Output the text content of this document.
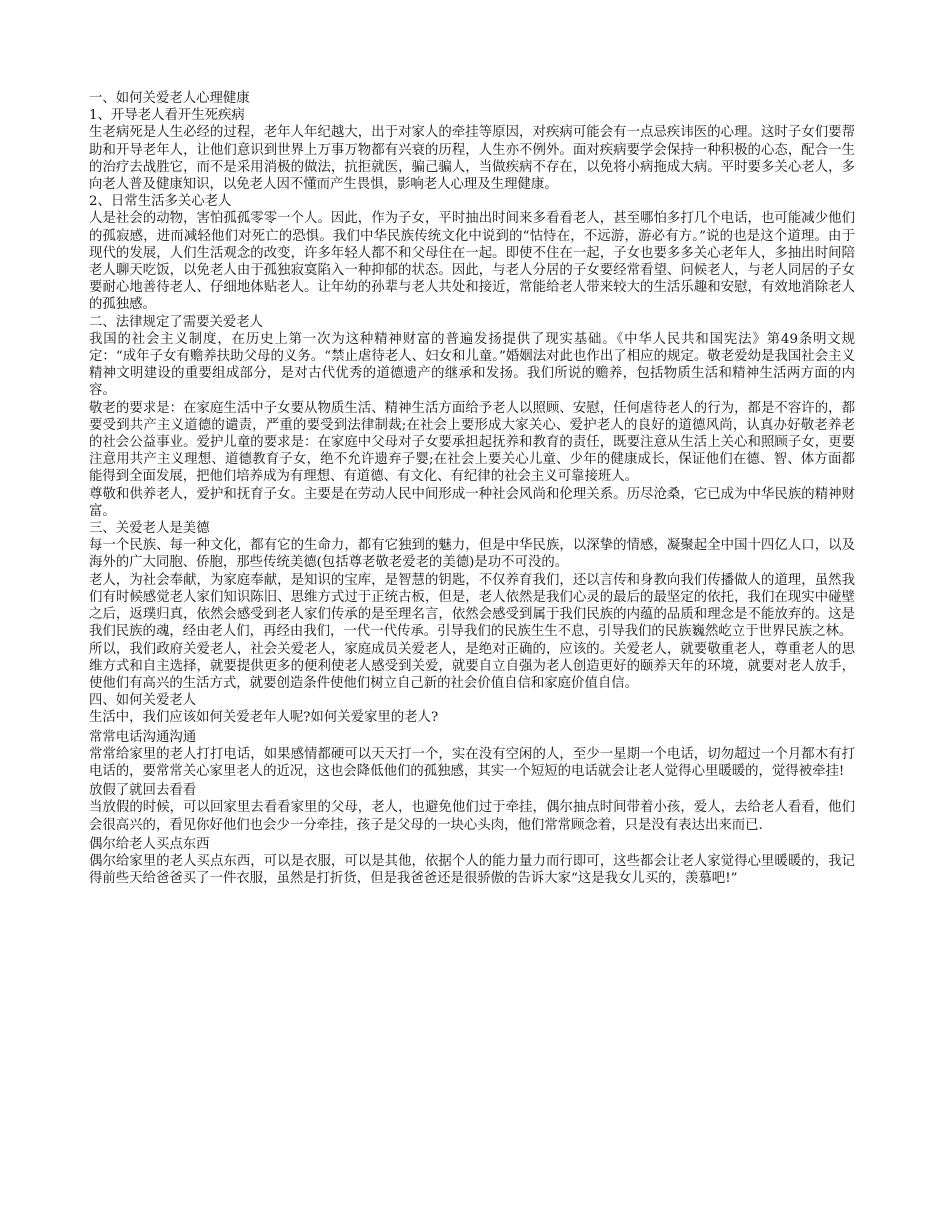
一、如何关爱老人心理健康
1、开导老人看开生死疾病
生老病死是人生必经的过程，老年人年纪越大，出于对家人的牵挂等原因，对疾病可能会有一点忌疾讳医的心理。这时子女们要帮助和开导老年人，让他们意识到世界上万事万物都有兴衰的历程，人生亦不例外。面对疾病要学会保持一种积极的心态，配合一生的治疗去战胜它，而不是采用消极的做法，抗拒就医，骗己骗人，当做疾病不存在，以免将小病拖成大病。平时要多关心老人，多向老人普及健康知识，以免老人因不懂而产生畏惧，影响老人心理及生理健康。
2、日常生活多关心老人
人是社会的动物，害怕孤孤零零一个人。因此，作为子女，平时抽出时间来多看看老人，甚至哪怕多打几个电话，也可能减少他们的孤寂感，进而减轻他们对死亡的恐惧。我们中华民族传统文化中说到的“怙恃在，不远游，游必有方。”说的也是这个道理。由于现代的发展，人们生活观念的改变，许多年轻人都不和父母住在一起。即使不住在一起，子女也要多多关心老年人，多抽出时间陪老人聊天吃饭，以免老人由于孤独寂寞陷入一种抑郁的状态。因此，与老人分居的子女要经常看望、问候老人，与老人同居的子女要耐心地善待老人、仔细地体贴老人。让年幼的孙辈与老人共处和接近，常能给老人带来较大的生活乐趣和安慰，有效地消除老人的孤独感。
二、法律规定了需要关爱老人
我国的社会主义制度，在历史上第一次为这种精神财富的普遍发扬提供了现实基础。《中华人民共和国宪法》第49条明文规定：“成年子女有赡养扶助父母的义务。“禁止虐待老人、妇女和儿童。”婚姻法对此也作出了相应的规定。敬老爱幼是我国社会主义精神文明建设的重要组成部分，是对古代优秀的道德遗产的继承和发扬。我们所说的赡养，包括物质生活和精神生活两方面的内容。
敬老的要求是：在家庭生活中子女要从物质生活、精神生活方面给予老人以照顾、安慰，任何虐待老人的行为，都是不容许的，都要受到共产主义道德的谴责，严重的要受到法律制裁;在社会上要形成大家关心、爱护老人的良好的道德风尚，认真办好敬老养老的社会公益事业。爱护儿童的要求是：在家庭中父母对子女要承担起抚养和教育的责任，既要注意从生活上关心和照顾子女，更要注意用共产主义理想、道德教育子女，绝不允许遗弃子婴;在社会上要关心儿童、少年的健康成长，保证他们在德、智、体方面都能得到全面发展，把他们培养成为有理想、有道德、有文化、有纪律的社会主义可靠接班人。
尊敬和供养老人，爱护和抚育子女。主要是在劳动人民中间形成一种社会风尚和伦理关系。历尽沧桑，它已成为中华民族的精神财富。
三、关爱老人是美德
每一个民族、每一种文化，都有它的生命力，都有它独到的魅力，但是中华民族，以深挚的情感，凝聚起全中国十四亿人口，以及海外的广大同胞、侨胞，那些传统美德(包括尊老敬老爱老的美德)是功不可没的。
老人，为社会奉献，为家庭奉献，是知识的宝库，是智慧的钥匙，不仅养育我们，还以言传和身教向我们传播做人的道理，虽然我们有时候感觉老人家们知识陈旧、思维方式过于正统古板，但是，老人依然是我们心灵的最后的最坚定的依托，我们在现实中碰壁之后，返璞归真，依然会感受到老人家们传承的是至理名言，依然会感受到属于我们民族的内蕴的品质和理念是不能放弃的。这是我们民族的魂，经由老人们，再经由我们，一代一代传承。引导我们的民族生生不息，引导我们的民族巍然屹立于世界民族之林。
所以，我们政府关爱老人，社会关爱老人，家庭成员关爱老人，是绝对正确的，应该的。关爱老人，就要敬重老人，尊重老人的思维方式和自主选择，就要提供更多的便利使老人感受到关爱，就要自立自强为老人创造更好的颐养天年的环境，就要对老人放手，使他们有高兴的生活方式，就要创造条件使他们树立自己新的社会价值自信和家庭价值自信。
四、如何关爱老人
生活中，我们应该如何关爱老年人呢?如何关爱家里的老人?
常常电话沟通沟通
常常给家里的老人打打电话，如果感情都硬可以天天打一个，实在没有空闲的人，至少一星期一个电话，切勿超过一个月都木有打电话的，要常常关心家里老人的近况，这也会降低他们的孤独感，其实一个短短的电话就会让老人觉得心里暖暖的，觉得被牵挂!
放假了就回去看看
当放假的时候，可以回家里去看看家里的父母，老人，也避免他们过于牵挂，偶尔抽点时间带着小孩，爱人，去给老人看看，他们会很高兴的，看见你好他们也会少一分牵挂，孩子是父母的一块心头肉，他们常常顾念着，只是没有表达出来而已.
偶尔给老人买点东西
偶尔给家里的老人买点东西，可以是衣服，可以是其他，依据个人的能力量力而行即可，这些都会让老人家觉得心里暖暖的，我记得前些天给爸爸买了一件衣服，虽然是打折货，但是我爸爸还是很骄傲的告诉大家“这是我女儿买的，羡慕吧!”
